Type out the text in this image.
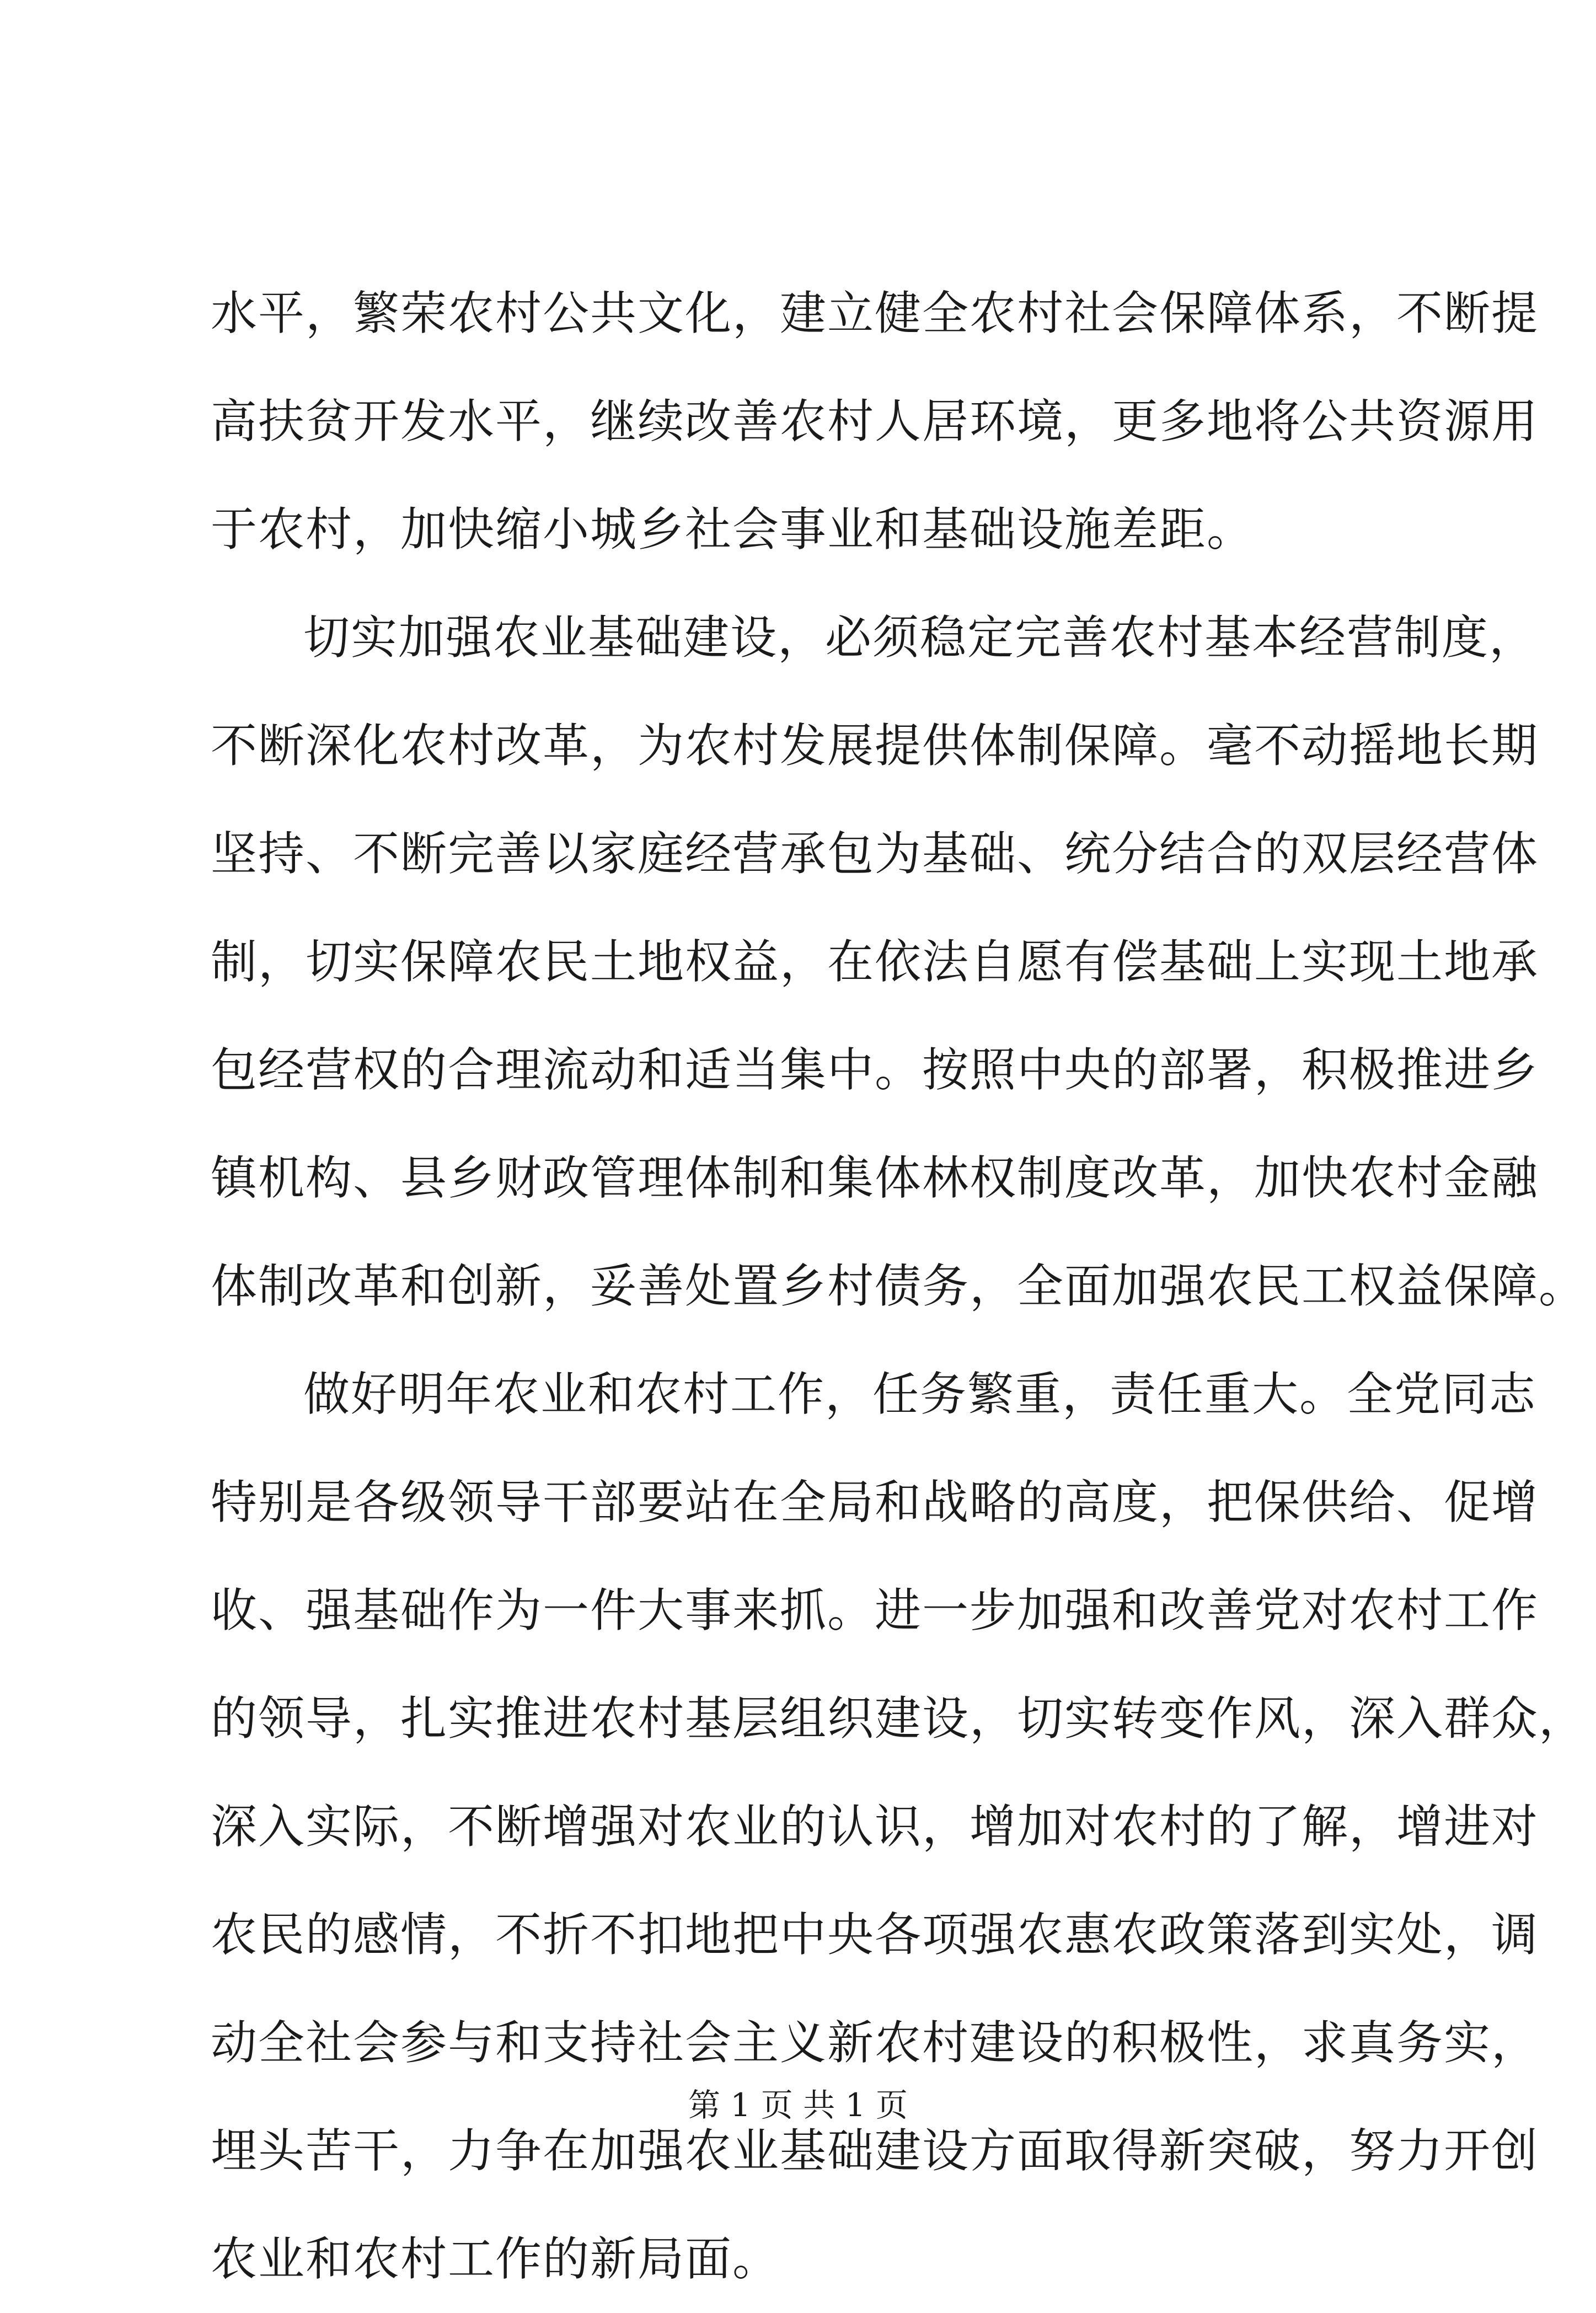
水平，繁荣农村公共文化，建立健全农村社会保障体系，不断提
高扶贫开发水平，继续改善农村人居环境，更多地将公共资源用
于农村，加快缩小城乡社会事业和基础设施差距。
切实加强农业基础建设，必须稳定完善农村基本经营制度，
不断深化农村改革，为农村发展提供体制保障。毫不动摇地长期
坚持、不断完善以家庭经营承包为基础、统分结合的双层经营体
制，切实保障农民土地权益，在依法自愿有偿基础上实现土地承
包经营权的合理流动和适当集中。按照中央的部署，积极推进乡
镇机构、县乡财政管理体制和集体林权制度改革，加快农村金融
体制改革和创新，妥善处置乡村债务，全面加强农民工权益保障。
做好明年农业和农村工作，任务繁重，责任重大。全党同志
特别是各级领导干部要站在全局和战略的高度，把保供给、促增
收、强基础作为一件大事来抓。进一步加强和改善党对农村工作
的领导，扎实推进农村基层组织建设，切实转变作风，深入群众，
深入实际，不断增强对农业的认识，增加对农村的了解，增进对
农民的感情，不折不扣地把中央各项强农惠农政策落到实处，调
动全社会参与和支持社会主义新农村建设的积极性，求真务实，
埋头苦干，力争在加强农业基础建设方面取得新突破，努力开创
农业和农村工作的新局面。
第 1 页 共 1 页
